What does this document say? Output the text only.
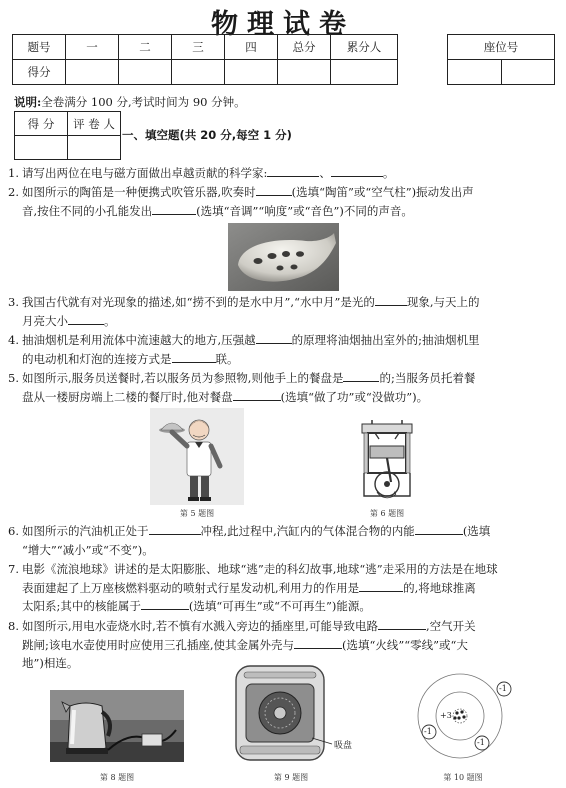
物理试卷
题号	一	二	三	四	总分	累分人
得分						
座位号

说明:全卷满分 100 分,考试时间为 90 分钟。
得 分	评 卷 人

一、填空题(共 20 分,每空 1 分)
1. 请写出两位在电与磁方面做出卓越贡献的科学家:	、	。
2. 如图所示的陶笛是一种便携式吹管乐器,吹奏时	(选填“陶笛”或“空气柱”)振动发出声
音,按住不同的小孔能发出	(选填“音调”“响度”或“音色”)不同的声音。
3. 我国古代就有对光现象的描述,如“捞不到的是水中月”,“水中月”是光的	现象,与天上的
月亮大小	。
4. 抽油烟机是利用流体中流速越大的地方,压强越	的原理将油烟抽出室外的;抽油烟机里
的电动机和灯泡的连接方式是	联。
5. 如图所示,服务员送餐时,若以服务员为参照物,则他手上的餐盘是	的;当服务员托着餐
盘从一楼厨房端上二楼的餐厅时,他对餐盘	(选填“做了功”或“没做功”)。
第 5 题图	第 6 题图
6. 如图所示的汽油机正处于	冲程,此过程中,汽缸内的气体混合物的内能	(选填
“增大”“减小”或“不变”)。
7. 电影《流浪地球》讲述的是太阳膨胀、地球“逃”走的科幻故事,地球“逃”走采用的方法是在地球
表面建起了上万座核燃料驱动的喷射式行星发动机,利用力的作用是	的,将地球推离
太阳系;其中的核能属于	(选填“可再生”或“不可再生”)能源。
8. 如图所示,用电水壶烧水时,若不慎有水溅入旁边的插座里,可能导致电路	,空气开关
跳闸;该电水壶使用时应使用三孔插座,使其金属外壳与	(选填“火线”“零线”或“大
地”)相连。
第 8 题图
吸盘
第 9 题图
+3
-1
-1
-1
第 10 题图
